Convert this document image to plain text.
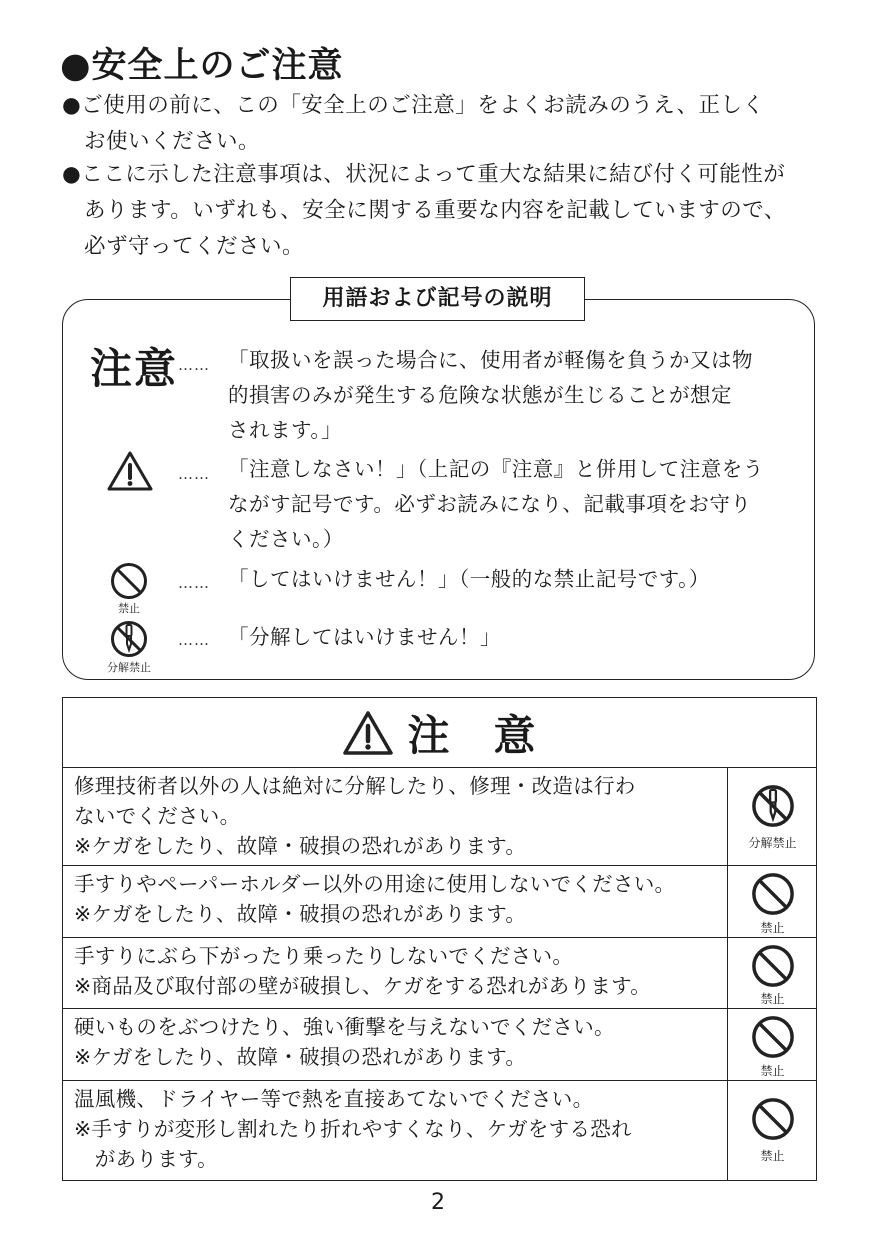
●安全上のご注意
●ご使用の前に、この「安全上のご注意」をよくお読みのうえ、正しく
お使いください。
●ここに示した注意事項は、状況によって重大な結果に結び付く可能性が
あります。いずれも、安全に関する重要な内容を記載していますので、
必ず守ってください。
用語および記号の説明
注意 …… 「取扱いを誤った場合に、使用者が軽傷を負うか又は物
的損害のみが発生する危険な状態が生じることが想定
されます。」
…… 「注意しなさい！」（上記の『注意』と併用して注意をう
ながす記号です。必ずお読みになり、記載事項をお守り
ください。）
禁止
…… 「してはいけません！」（一般的な禁止記号です。）
分解禁止
…… 「分解してはいけません！」
注　意
修理技術者以外の人は絶対に分解したり、修理・改造は行わ
ないでください。
※ケガをしたり、故障・破損の恐れがあります。	分解禁止
手すりやペーパーホルダー以外の用途に使用しないでください。
※ケガをしたり、故障・破損の恐れがあります。
禁止
手すりにぶら下がったり乗ったりしないでください。
※商品及び取付部の壁が破損し、ケガをする恐れがあります。
禁止
硬いものをぶつけたり、強い衝撃を与えないでください。
※ケガをしたり、故障・破損の恐れがあります。
禁止
温風機、ドライヤー等で熱を直接あてないでください。
※手すりが変形し割れたり折れやすくなり、ケガをする恐れ
　があります。	禁止
2
